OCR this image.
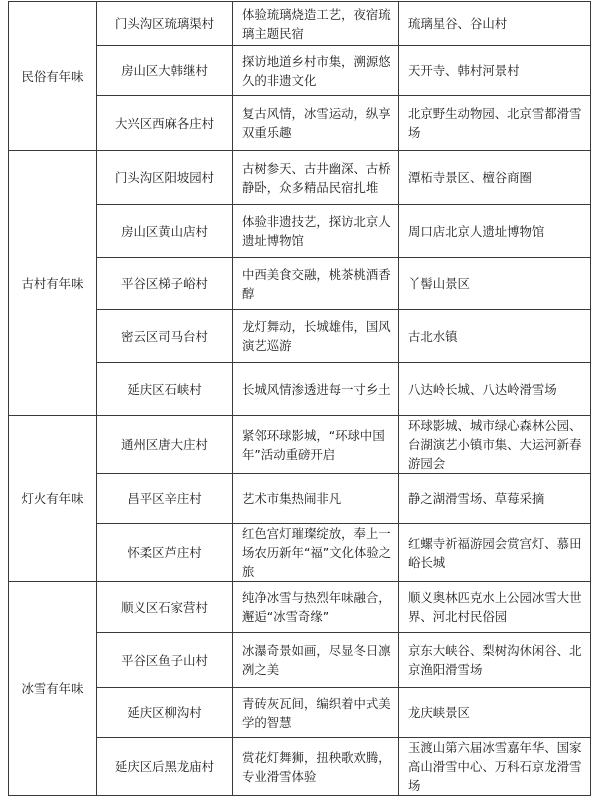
民俗有年味	门头沟区琉璃渠村	体验琉璃烧造工艺，夜宿琉璃主题民宿	琉璃星谷、谷山村
	房山区大韩继村	探访地道乡村市集，溯源悠久的非遗文化	天开寺、韩村河景村
	大兴区西麻各庄村	复古风情，冰雪运动，纵享双重乐趣	北京野生动物园、北京雪都滑雪场
古村有年味	门头沟区阳坡园村	古树参天、古井幽深、古桥静卧，众多精品民宿扎堆	潭柘寺景区、檀谷商圈
	房山区黄山店村	体验非遗技艺，探访北京人遗址博物馆	周口店北京人遗址博物馆
	平谷区梯子峪村	中西美食交融，桃茶桃酒香醇	丫髻山景区
	密云区司马台村	龙灯舞动，长城雄伟，国风演艺巡游	古北水镇
	延庆区石峡村	长城风情渗透进每一寸乡土	八达岭长城、八达岭滑雪场
灯火有年味	通州区唐大庄村	紧邻环球影城，“环球中国年”活动重磅开启	环球影城、城市绿心森林公园、台湖演艺小镇市集、大运河新春游园会
	昌平区辛庄村	艺术市集热闹非凡	静之湖滑雪场、草莓采摘
	怀柔区芦庄村	红色宫灯璀璨绽放，奉上一场农历新年“福”文化体验之旅	红螺寺祈福游园会赏宫灯、慕田峪长城
冰雪有年味	顺义区石家营村	纯净冰雪与热烈年味融合，邂逅“冰雪奇缘”	顺义奥林匹克水上公园冰雪大世界、河北村民俗园
	平谷区鱼子山村	冰瀑奇景如画，尽显冬日凛冽之美	京东大峡谷、梨树沟休闲谷、北京渔阳滑雪场
	延庆区柳沟村	青砖灰瓦间，编织着中式美学的智慧	龙庆峡景区
	延庆区后黑龙庙村	赏花灯舞狮，扭秧歌欢腾，专业滑雪体验	玉渡山第六届冰雪嘉年华、国家高山滑雪中心、万科石京龙滑雪场
